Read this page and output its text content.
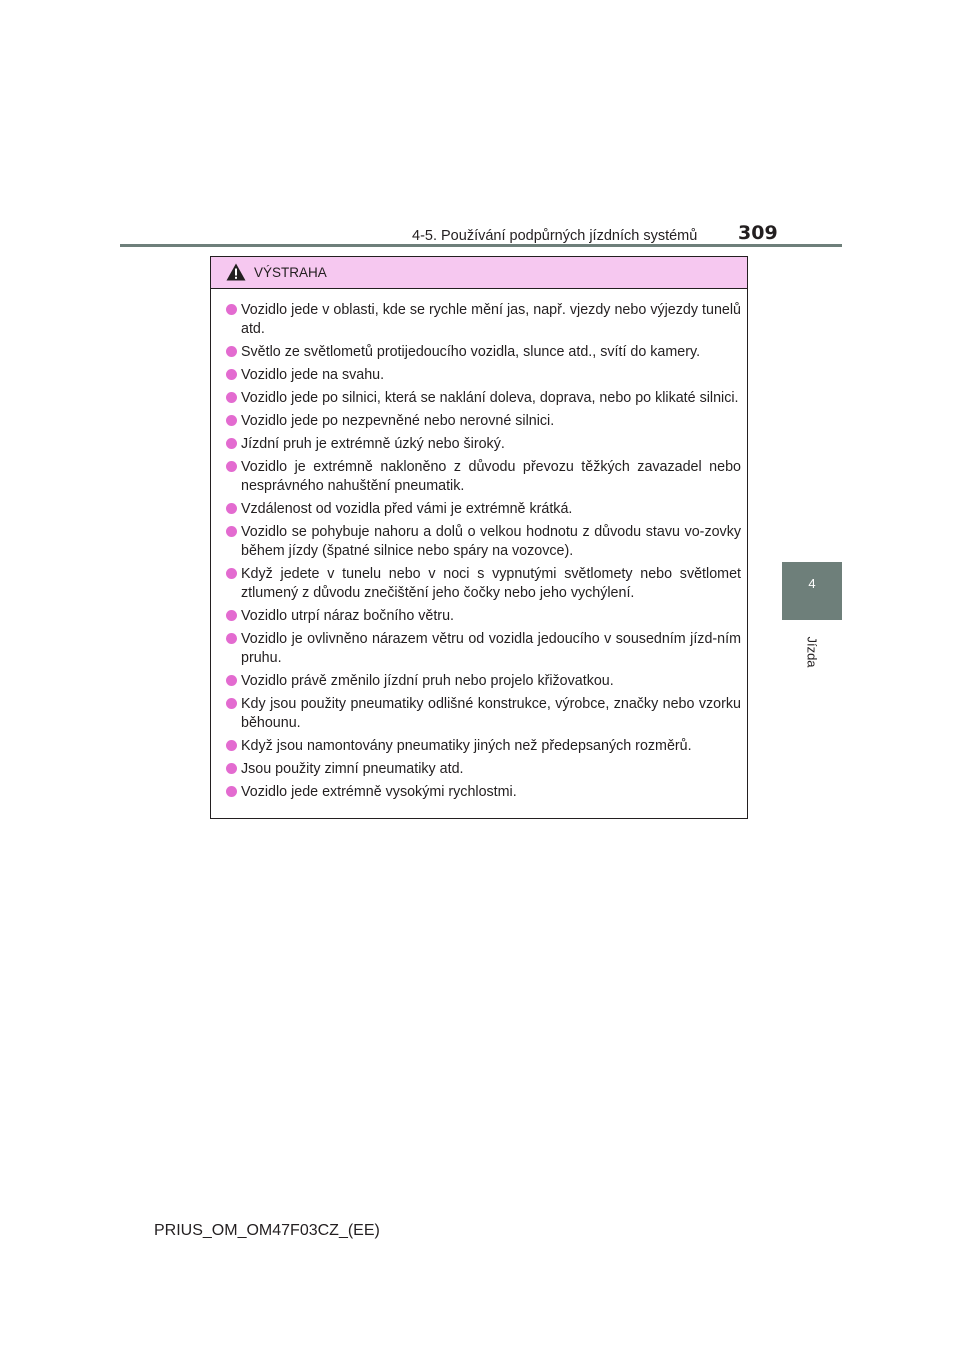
4-5. Používání podpůrných jízdních systémů 309
4
Jízda
VÝSTRAHA
Vozidlo jede v oblasti, kde se rychle mění jas, např. vjezdy nebo výjezdy tunelů atd.
Světlo ze světlometů protijedoucího vozidla, slunce atd., svítí do kamery.
Vozidlo jede na svahu.
Vozidlo jede po silnici, která se naklání doleva, doprava, nebo po klikaté silnici.
Vozidlo jede po nezpevněné nebo nerovné silnici.
Jízdní pruh je extrémně úzký nebo široký.
Vozidlo je extrémně nakloněno z důvodu převozu těžkých zavazadel nebo nesprávného nahuštění pneumatik.
Vzdálenost od vozidla před vámi je extrémně krátká.
Vozidlo se pohybuje nahoru a dolů o velkou hodnotu z důvodu stavu vo-zovky během jízdy (špatné silnice nebo spáry na vozovce).
Když jedete v tunelu nebo v noci s vypnutými světlomety nebo světlomet ztlumený z důvodu znečištění jeho čočky nebo jeho vychýlení.
Vozidlo utrpí náraz bočního větru.
Vozidlo je ovlivněno nárazem větru od vozidla jedoucího v sousedním jízd-ním pruhu.
Vozidlo právě změnilo jízdní pruh nebo projelo křižovatkou.
Kdy jsou použity pneumatiky odlišné konstrukce, výrobce, značky nebo vzorku běhounu.
Když jsou namontovány pneumatiky jiných než předepsaných rozměrů.
Jsou použity zimní pneumatiky atd.
Vozidlo jede extrémně vysokými rychlostmi.
PRIUS_OM_OM47F03CZ_(EE)
